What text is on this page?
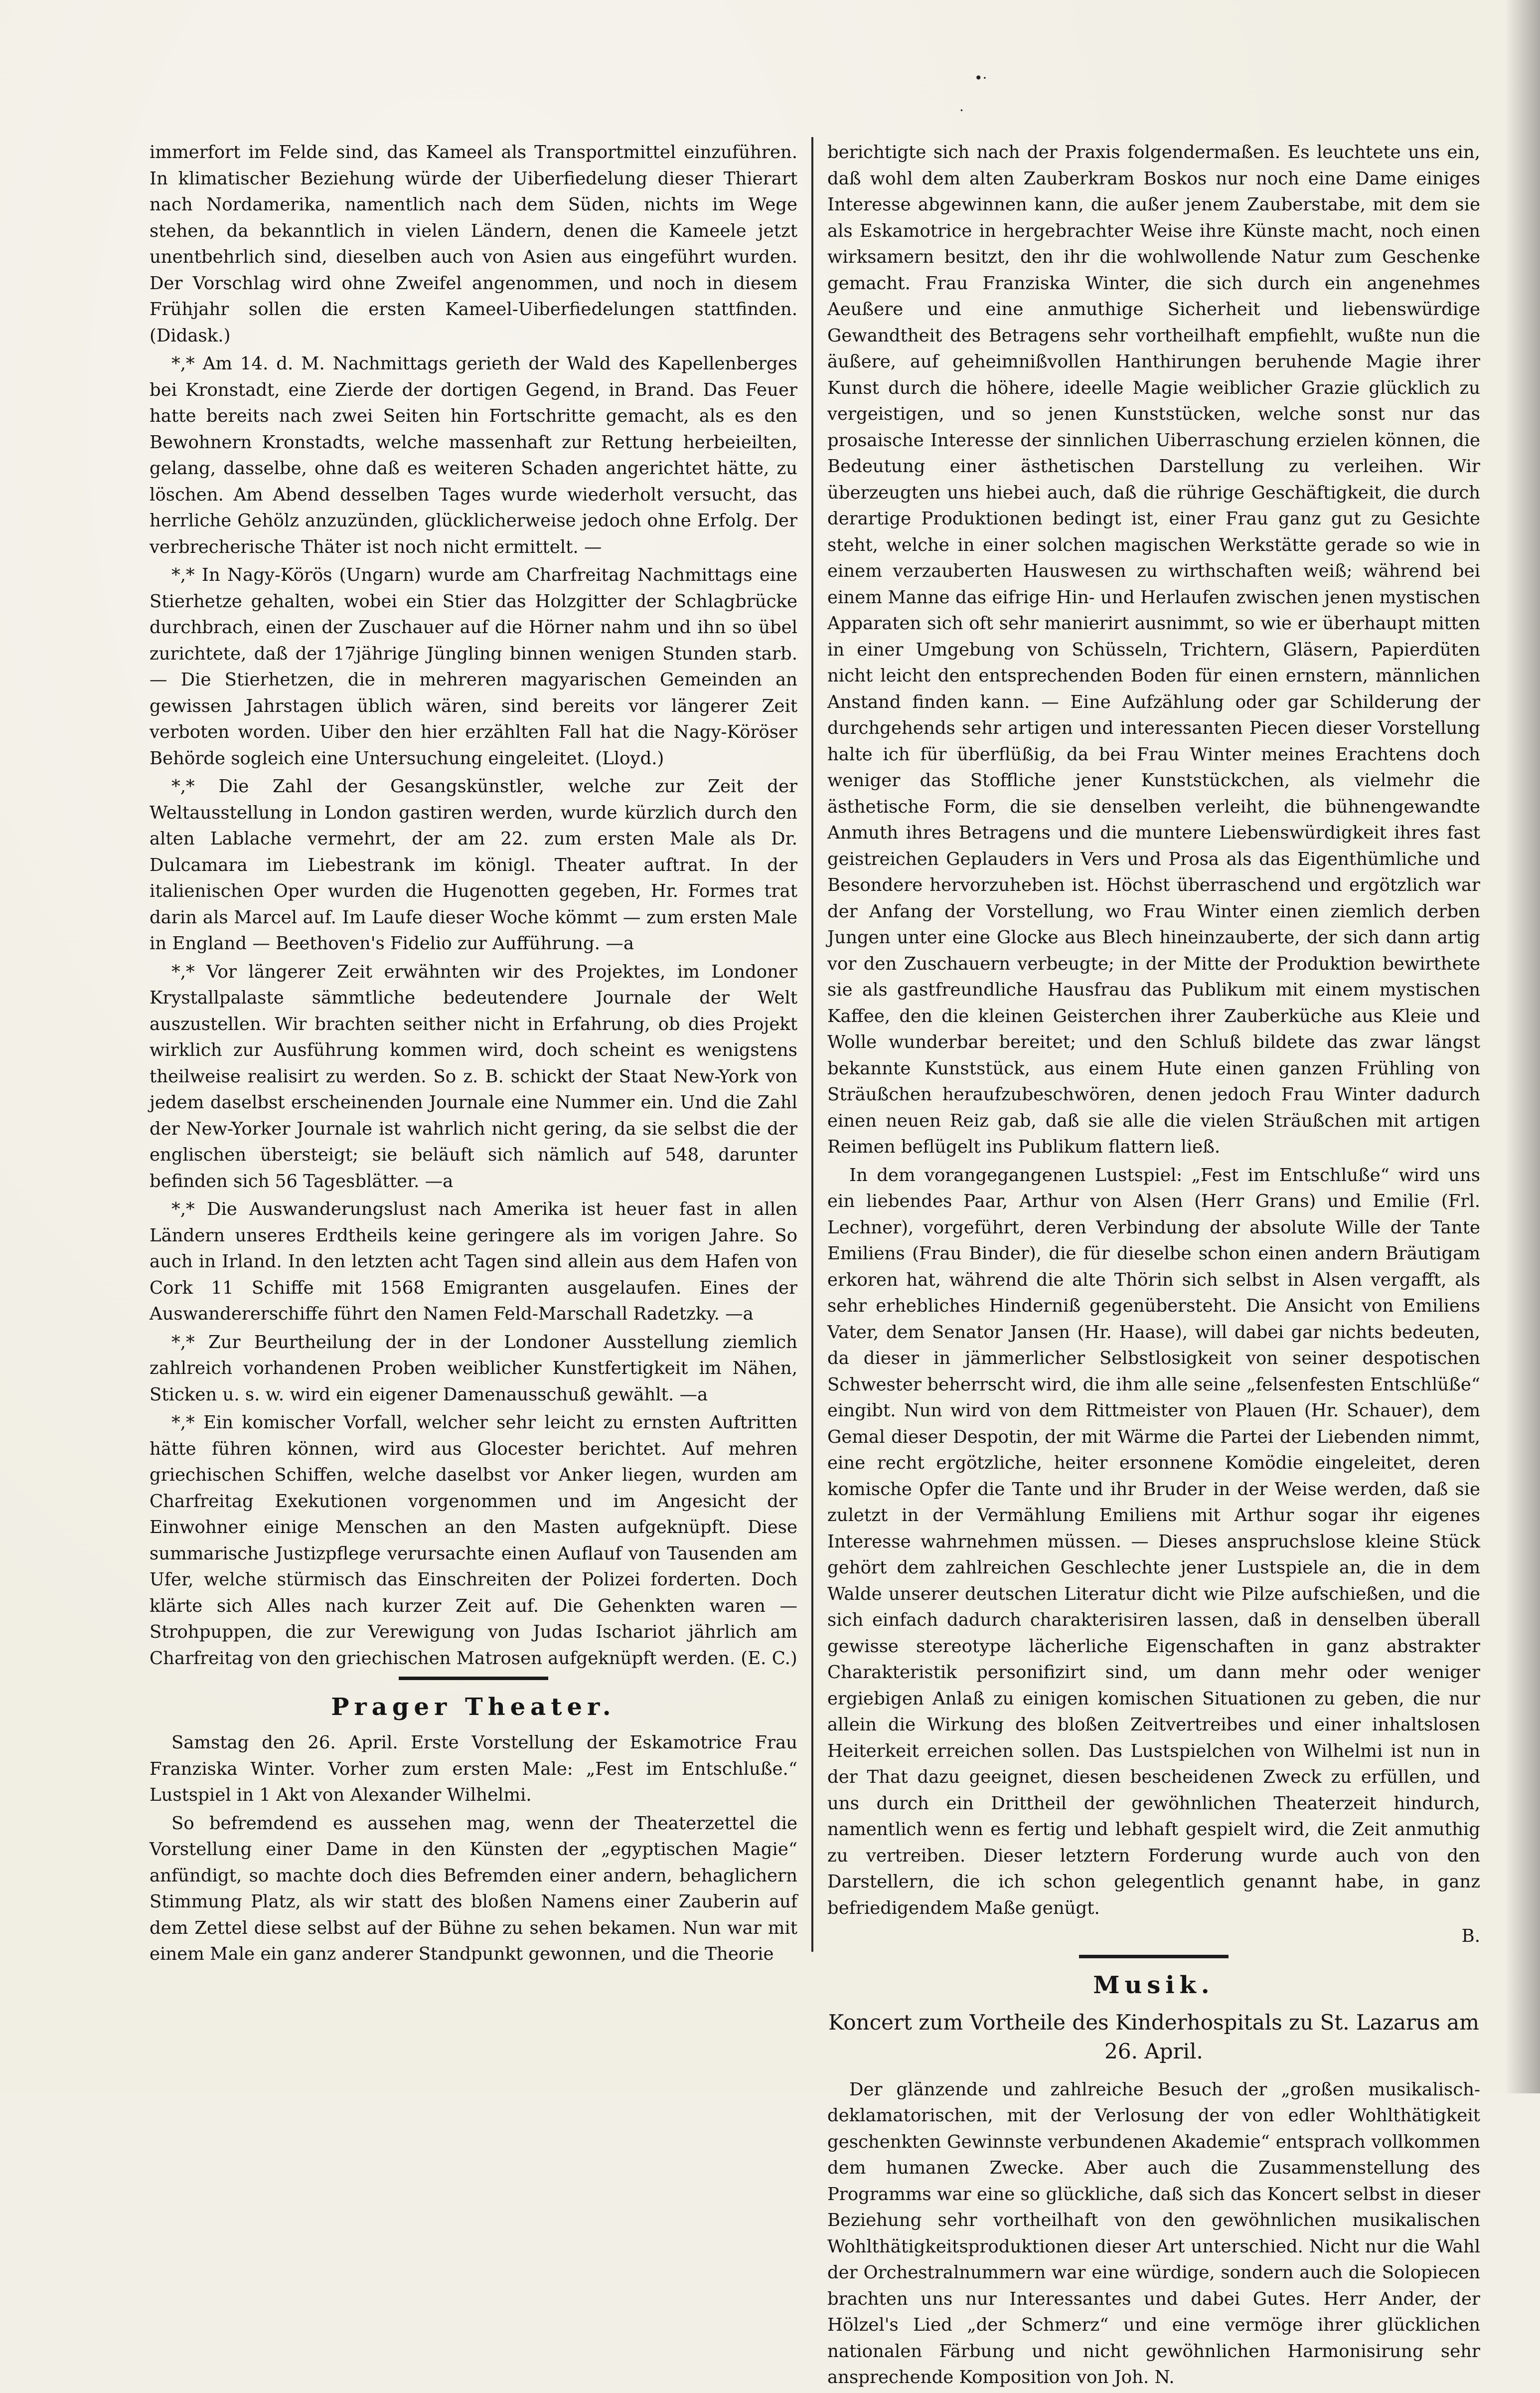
•·
·

immerfort im Felde sind, das Kameel als Transportmittel einzuführen. In klimatischer Beziehung würde der Uiberfiedelung dieser Thierart nach Nordamerika, namentlich nach dem Süden, nichts im Wege stehen, da bekanntlich in vielen Ländern, denen die Kameele jetzt unentbehrlich sind, dieselben auch von Asien aus eingeführt wurden. Der Vorschlag wird ohne Zweifel angenommen, und noch in diesem Frühjahr sollen die ersten Kameel-Uiberfiedelungen stattfinden. (Didask.)

*,* Am 14. d. M. Nachmittags gerieth der Wald des Kapellenberges bei Kronstadt, eine Zierde der dortigen Gegend, in Brand. Das Feuer hatte bereits nach zwei Seiten hin Fortschritte gemacht, als es den Bewohnern Kronstadts, welche massenhaft zur Rettung herbeieilten, gelang, dasselbe, ohne daß es weiteren Schaden angerichtet hätte, zu löschen. Am Abend desselben Tages wurde wiederholt versucht, das herrliche Gehölz anzuzünden, glücklicherweise jedoch ohne Erfolg. Der verbrecherische Thäter ist noch nicht ermittelt. —

*,* In Nagy-Körös (Ungarn) wurde am Charfreitag Nachmittags eine Stierhetze gehalten, wobei ein Stier das Holzgitter der Schlagbrücke durchbrach, einen der Zuschauer auf die Hörner nahm und ihn so übel zurichtete, daß der 17jährige Jüngling binnen wenigen Stunden starb. — Die Stierhetzen, die in mehreren magyarischen Gemeinden an gewissen Jahrstagen üblich wären, sind bereits vor längerer Zeit verboten worden. Uiber den hier erzählten Fall hat die Nagy-Köröser Behörde sogleich eine Untersuchung eingeleitet. (Lloyd.)

*,* Die Zahl der Gesangskünstler, welche zur Zeit der Weltausstellung in London gastiren werden, wurde kürzlich durch den alten Lablache vermehrt, der am 22. zum ersten Male als Dr. Dulcamara im Liebestrank im königl. Theater auftrat. In der italienischen Oper wurden die Hugenotten gegeben, Hr. Formes trat darin als Marcel auf. Im Laufe dieser Woche kömmt — zum ersten Male in England — Beethoven's Fidelio zur Aufführung. —a

*,* Vor längerer Zeit erwähnten wir des Projektes, im Londoner Krystallpalaste sämmtliche bedeutendere Journale der Welt auszustellen. Wir brachten seither nicht in Erfahrung, ob dies Projekt wirklich zur Ausführung kommen wird, doch scheint es wenigstens theilweise realisirt zu werden. So z. B. schickt der Staat New-York von jedem daselbst erscheinenden Journale eine Nummer ein. Und die Zahl der New-Yorker Journale ist wahrlich nicht gering, da sie selbst die der englischen übersteigt; sie beläuft sich nämlich auf 548, darunter befinden sich 56 Tagesblätter. —a

*,* Die Auswanderungslust nach Amerika ist heuer fast in allen Ländern unseres Erdtheils keine geringere als im vorigen Jahre. So auch in Irland. In den letzten acht Tagen sind allein aus dem Hafen von Cork 11 Schiffe mit 1568 Emigranten ausgelaufen. Eines der Auswandererschiffe führt den Namen Feld-Marschall Radetzky. —a

*,* Zur Beurtheilung der in der Londoner Ausstellung ziemlich zahlreich vorhandenen Proben weiblicher Kunstfertigkeit im Nähen, Sticken u. s. w. wird ein eigener Damenausschuß gewählt. —a

*,* Ein komischer Vorfall, welcher sehr leicht zu ernsten Auftritten hätte führen können, wird aus Glocester berichtet. Auf mehren griechischen Schiffen, welche daselbst vor Anker liegen, wurden am Charfreitag Exekutionen vorgenommen und im Angesicht der Einwohner einige Menschen an den Masten aufgeknüpft. Diese summarische Justizpflege verursachte einen Auflauf von Tausenden am Ufer, welche stürmisch das Einschreiten der Polizei forderten. Doch klärte sich Alles nach kurzer Zeit auf. Die Gehenkten waren — Strohpuppen, die zur Verewigung von Judas Ischariot jährlich am Charfreitag von den griechischen Matrosen aufgeknüpft werden. (E. C.)

Prager Theater.

Samstag den 26. April. Erste Vorstellung der Eskamotrice Frau Franziska Winter. Vorher zum ersten Male: „Fest im Entschluße.“ Lustspiel in 1 Akt von Alexander Wilhelmi.

So befremdend es aussehen mag, wenn der Theaterzettel die Vorstellung einer Dame in den Künsten der „egyptischen Magie“ anfündigt, so machte doch dies Befremden einer andern, behaglichern Stimmung Platz, als wir statt des bloßen Namens einer Zauberin auf dem Zettel diese selbst auf der Bühne zu sehen bekamen. Nun war mit einem Male ein ganz anderer Standpunkt gewonnen, und die Theorie

berichtigte sich nach der Praxis folgendermaßen. Es leuchtete uns ein, daß wohl dem alten Zauberkram Boskos nur noch eine Dame einiges Interesse abgewinnen kann, die außer jenem Zauberstabe, mit dem sie als Eskamotrice in hergebrachter Weise ihre Künste macht, noch einen wirksamern besitzt, den ihr die wohlwollende Natur zum Geschenke gemacht. Frau Franziska Winter, die sich durch ein angenehmes Aeußere und eine anmuthige Sicherheit und liebenswürdige Gewandtheit des Betragens sehr vortheilhaft empfiehlt, wußte nun die äußere, auf geheimnißvollen Hanthirungen beruhende Magie ihrer Kunst durch die höhere, ideelle Magie weiblicher Grazie glücklich zu vergeistigen, und so jenen Kunststücken, welche sonst nur das prosaische Interesse der sinnlichen Uiberraschung erzielen können, die Bedeutung einer ästhetischen Darstellung zu verleihen. Wir überzeugten uns hiebei auch, daß die rührige Geschäftigkeit, die durch derartige Produktionen bedingt ist, einer Frau ganz gut zu Gesichte steht, welche in einer solchen magischen Werkstätte gerade so wie in einem verzauberten Hauswesen zu wirthschaften weiß; während bei einem Manne das eifrige Hin- und Herlaufen zwischen jenen mystischen Apparaten sich oft sehr manierirt ausnimmt, so wie er überhaupt mitten in einer Umgebung von Schüsseln, Trichtern, Gläsern, Papierdüten nicht leicht den entsprechenden Boden für einen ernstern, männlichen Anstand finden kann. — Eine Aufzählung oder gar Schilderung der durchgehends sehr artigen und interessanten Piecen dieser Vorstellung halte ich für überflüßig, da bei Frau Winter meines Erachtens doch weniger das Stoffliche jener Kunststückchen, als vielmehr die ästhetische Form, die sie denselben verleiht, die bühnengewandte Anmuth ihres Betragens und die muntere Liebenswürdigkeit ihres fast geistreichen Geplauders in Vers und Prosa als das Eigenthümliche und Besondere hervorzuheben ist. Höchst überraschend und ergötzlich war der Anfang der Vorstellung, wo Frau Winter einen ziemlich derben Jungen unter eine Glocke aus Blech hineinzauberte, der sich dann artig vor den Zuschauern verbeugte; in der Mitte der Produktion bewirthete sie als gastfreundliche Hausfrau das Publikum mit einem mystischen Kaffee, den die kleinen Geisterchen ihrer Zauberküche aus Kleie und Wolle wunderbar bereitet; und den Schluß bildete das zwar längst bekannte Kunststück, aus einem Hute einen ganzen Frühling von Sträußchen heraufzubeschwören, denen jedoch Frau Winter dadurch einen neuen Reiz gab, daß sie alle die vielen Sträußchen mit artigen Reimen beflügelt ins Publikum flattern ließ.

In dem vorangegangenen Lustspiel: „Fest im Entschluße“ wird uns ein liebendes Paar, Arthur von Alsen (Herr Grans) und Emilie (Frl. Lechner), vorgeführt, deren Verbindung der absolute Wille der Tante Emiliens (Frau Binder), die für dieselbe schon einen andern Bräutigam erkoren hat, während die alte Thörin sich selbst in Alsen vergafft, als sehr erhebliches Hinderniß gegenübersteht. Die Ansicht von Emiliens Vater, dem Senator Jansen (Hr. Haase), will dabei gar nichts bedeuten, da dieser in jämmerlicher Selbstlosigkeit von seiner despotischen Schwester beherrscht wird, die ihm alle seine „felsenfesten Entschlüße“ eingibt. Nun wird von dem Rittmeister von Plauen (Hr. Schauer), dem Gemal dieser Despotin, der mit Wärme die Partei der Liebenden nimmt, eine recht ergötzliche, heiter ersonnene Komödie eingeleitet, deren komische Opfer die Tante und ihr Bruder in der Weise werden, daß sie zuletzt in der Vermählung Emiliens mit Arthur sogar ihr eigenes Interesse wahrnehmen müssen. — Dieses anspruchslose kleine Stück gehört dem zahlreichen Geschlechte jener Lustspiele an, die in dem Walde unserer deutschen Literatur dicht wie Pilze aufschießen, und die sich einfach dadurch charakterisiren lassen, daß in denselben überall gewisse stereotype lächerliche Eigenschaften in ganz abstrakter Charakteristik personifizirt sind, um dann mehr oder weniger ergiebigen Anlaß zu einigen komischen Situationen zu geben, die nur allein die Wirkung des bloßen Zeitvertreibes und einer inhaltslosen Heiterkeit erreichen sollen. Das Lustspielchen von Wilhelmi ist nun in der That dazu geeignet, diesen bescheidenen Zweck zu erfüllen, und uns durch ein Drittheil der gewöhnlichen Theaterzeit hindurch, namentlich wenn es fertig und lebhaft gespielt wird, die Zeit anmuthig zu vertreiben. Dieser letztern Forderung wurde auch von den Darstellern, die ich schon gelegentlich genannt habe, in ganz befriedigendem Maße genügt.

B.
Musik.
Koncert zum Vortheile des Kinderhospitals zu St. Lazarus am 26. April.

Der glänzende und zahlreiche Besuch der „großen musikalisch-deklamatorischen, mit der Verlosung der von edler Wohlthätigkeit geschenkten Gewinnste verbundenen Akademie“ entsprach vollkommen dem humanen Zwecke. Aber auch die Zusammenstellung des Programms war eine so glückliche, daß sich das Koncert selbst in dieser Beziehung sehr vortheilhaft von den gewöhnlichen musikalischen Wohlthätigkeitsproduktionen dieser Art unterschied. Nicht nur die Wahl der Orchestralnummern war eine würdige, sondern auch die Solopiecen brachten uns nur Interessantes und dabei Gutes. Herr Ander, der Hölzel's Lied „der Schmerz“ und eine vermöge ihrer glücklichen nationalen Färbung und nicht gewöhnlichen Harmonisirung sehr ansprechende Komposition von Joh. N.
